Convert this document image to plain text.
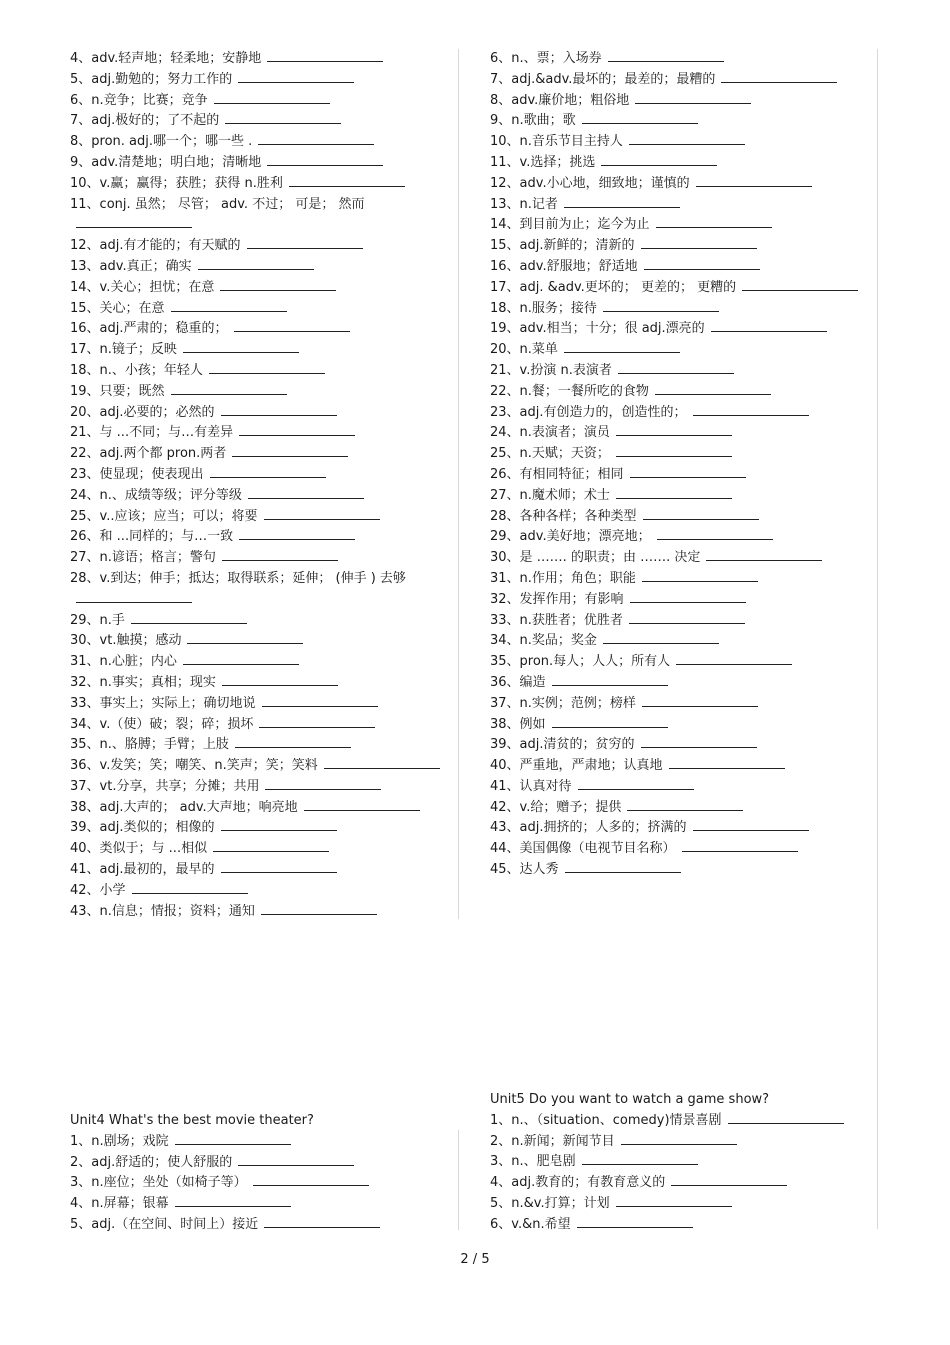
4、adv.轻声地；轻柔地；安静地
5、adj.勤勉的；努力工作的
6、n.竞争；比赛；竞争
7、adj.极好的；了不起的
8、pron. adj.哪一个；哪一些 .
9、adv.清楚地；明白地；清晰地
10、v.赢；赢得；获胜；获得 n.胜利
11、conj. 虽然； 尽管； adv. 不过； 可是； 然而
12、adj.有才能的；有天赋的
13、adv.真正；确实
14、v.关心；担忧；在意
15、关心；在意
16、adj.严肃的；稳重的；
17、n.镜子；反映
18、n.、小孩；年轻人
19、只要；既然
20、adj.必要的；必然的
21、与 ...不同；与…有差异
22、adj.两个都 pron.两者
23、使显现；使表现出
24、n.、成绩等级；评分等级
25、v..应该；应当；可以；将要
26、和 ...同样的；与…一致
27、n.谚语；格言；警句
28、v.到达；伸手；抵达；取得联系；延伸； (伸手 ) 去够
29、n.手
30、vt.触摸；感动
31、n.心脏；内心
32、n.事实；真相；现实
33、事实上；实际上；确切地说
34、v.（使）破；裂；碎；损坏
35、n.、胳膊；手臂；上肢
36、v.发笑；笑；嘲笑、n.笑声；笑；笑料
37、vt.分享，共享；分摊；共用
38、adj.大声的； adv.大声地；响亮地
39、adj.类似的；相像的
40、类似于；与 ...相似
41、adj.最初的，最早的
42、小学
43、n.信息；情报；资料；通知
6、n.、票；入场券
7、adj.&adv.最坏的；最差的；最糟的
8、adv.廉价地；粗俗地
9、n.歌曲；歌
10、n.音乐节目主持人
11、v.选择；挑选
12、adv.小心地，细致地；谨慎的
13、n.记者
14、到目前为止；迄今为止
15、adj.新鲜的；清新的
16、adv.舒服地；舒适地
17、adj. &adv.更坏的； 更差的； 更糟的
18、n.服务；接待
19、adv.相当；十分；很 adj.漂亮的
20、n.菜单
21、v.扮演 n.表演者
22、n.餐；一餐所吃的食物
23、adj.有创造力的，创造性的；
24、n.表演者；演员
25、n.天赋；天资；
26、有相同特征；相同
27、n.魔术师；术士
28、各种各样；各种类型
29、adv.美好地；漂亮地；
30、是 ……. 的职责；由 ……. 决定
31、n.作用；角色；职能
32、发挥作用；有影响
33、n.获胜者；优胜者
34、n.奖品；奖金
35、pron.每人；人人；所有人
36、编造
37、n.实例；范例；榜样
38、例如
39、adj.清贫的；贫穷的
40、严重地，严肃地；认真地
41、认真对待
42、v.给；赠予；提供
43、adj.拥挤的；人多的；挤满的
44、美国偶像（电视节目名称）
45、达人秀
Unit4 What's the best movie theater?
1、n.剧场；戏院
2、adj.舒适的；使人舒服的
3、n.座位；坐处（如椅子等）
4、n.屏幕；银幕
5、adj.（在空间、时间上）接近
Unit5 Do you want to watch a game show?
1、n.、（situation、comedy)情景喜剧
2、n.新闻；新闻节目
3、n.、肥皂剧
4、adj.教育的；有教育意义的
5、n.&v.打算；计划
6、v.&n.希望
2 / 5
